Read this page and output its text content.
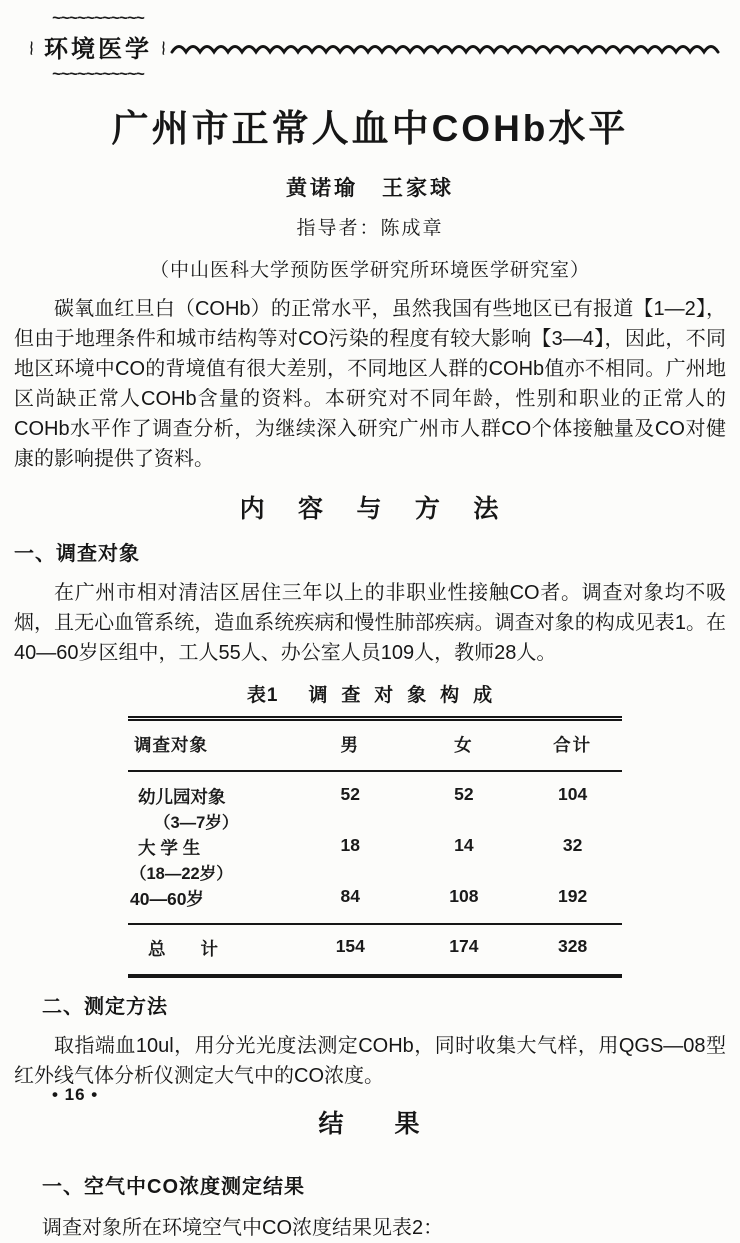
~~~~~~~~~~~
~~ 环境医学 ~~
~~~~~~~~~~~
广州市正常人血中COHb水平
黄诺瑜　王家球
指导者：陈成章
（中山医科大学预防医学研究所环境医学研究室）
碳氧血红旦白（COHb）的正常水平，虽然我国有些地区已有报道【1—2】，但由于地理条件和城市结构等对CO污染的程度有较大影响【3—4】，因此，不同地区环境中CO的背境值有很大差别，不同地区人群的COHb值亦不相同。广州地区尚缺正常人COHb含量的资料。本研究对不同年龄，性别和职业的正常人的COHb水平作了调查分析，为继续深入研究广州市人群CO个体接触量及CO对健康的影响提供了资料。
内 容 与 方 法
一、调查对象
在广州市相对清洁区居住三年以上的非职业性接触CO者。调查对象均不吸烟，且无心血管系统，造血系统疾病和慢性肺部疾病。调查对象的构成见表1。在40—60岁区组中，工人55人、办公室人员109人，教师28人。
表1 调 查 对 象 构 成
调查对象	男	女	合计

幼儿园对象
（3—7岁）	52	52	104

大 学 生
（18—22岁）	18	14	32

40—60岁	84	108	192
总　　计	154	174	328
二、测定方法
取指端血10ul，用分光光度法测定COHb，同时收集大气样，用QGS—08型红外线气体分析仪测定大气中的CO浓度。
结 果
一、空气中CO浓度测定结果
调查对象所在环境空气中CO浓度结果见表2：
• 16 •
